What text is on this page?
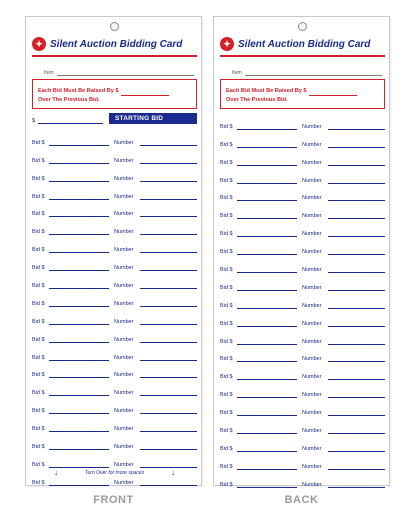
✦ Silent Auction Bidding Card
Item
Each Bid Must Be Raised By $
Over The Previous Bid.
$	STARTING BID
Bid $	Number
Bid $	Number
Bid $	Number
Bid $	Number
Bid $	Number
Bid $	Number
Bid $	Number
Bid $	Number
Bid $	Number
Bid $	Number
Bid $	Number
Bid $	Number
Bid $	Number
Bid $	Number
Bid $	Number
Bid $	Number
Bid $	Number
Bid $	Number
Bid $	Number
Bid $	Number
↓	Turn Over for more spaces	↓
✦ Silent Auction Bidding Card
Item
Each Bid Must Be Raised By $
Over The Previous Bid.
Bid $	Number
Bid $	Number
Bid $	Number
Bid $	Number
Bid $	Number
Bid $	Number
Bid $	Number
Bid $	Number
Bid $	Number
Bid $	Number
Bid $	Number
Bid $	Number
Bid $	Number
Bid $	Number
Bid $	Number
Bid $	Number
Bid $	Number
Bid $	Number
Bid $	Number
Bid $	Number
Bid $	Number
FRONT	BACK
